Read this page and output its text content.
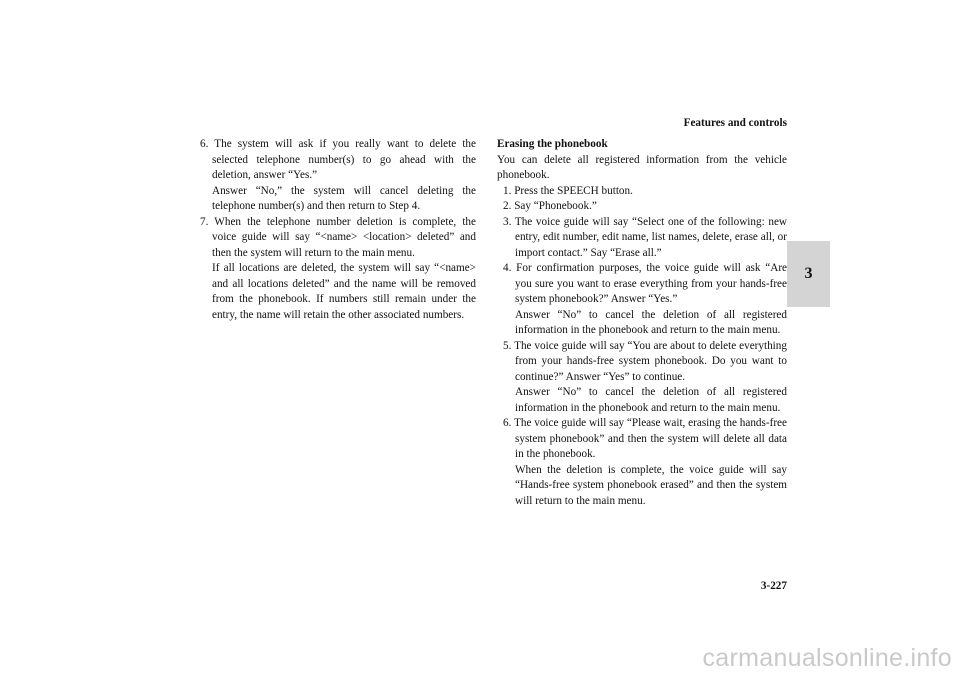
Features and controls
3
6. The system will ask if you really want to delete the selected telephone number(s) to go ahead with the deletion, answer “Yes.”
Answer “No,” the system will cancel deleting the telephone number(s) and then return to Step 4.
7. When the telephone number deletion is complete, the voice guide will say “<name> <location> deleted” and then the system will return to the main menu.
If all locations are deleted, the system will say “<name> and all locations deleted” and the name will be removed from the phonebook. If numbers still remain under the entry, the name will retain the other associated numbers.
Erasing the phonebook
You can delete all registered information from the vehicle phonebook.
1. Press the SPEECH button.
2. Say “Phonebook.”
3. The voice guide will say “Select one of the following: new entry, edit number, edit name, list names, delete, erase all, or import contact.” Say “Erase all.”
4. For confirmation purposes, the voice guide will ask “Are you sure you want to erase everything from your hands-free system phonebook?” Answer “Yes.”
Answer “No” to cancel the deletion of all registered information in the phonebook and return to the main menu.
5. The voice guide will say “You are about to delete everything from your hands-free system phonebook. Do you want to continue?” Answer “Yes” to continue.
Answer “No” to cancel the deletion of all registered information in the phonebook and return to the main menu.
6. The voice guide will say “Please wait, erasing the hands-free system phonebook” and then the system will delete all data in the phonebook.
When the deletion is complete, the voice guide will say “Hands-free system phonebook erased” and then the system will return to the main menu.
3-227
carmanualsonline.info
